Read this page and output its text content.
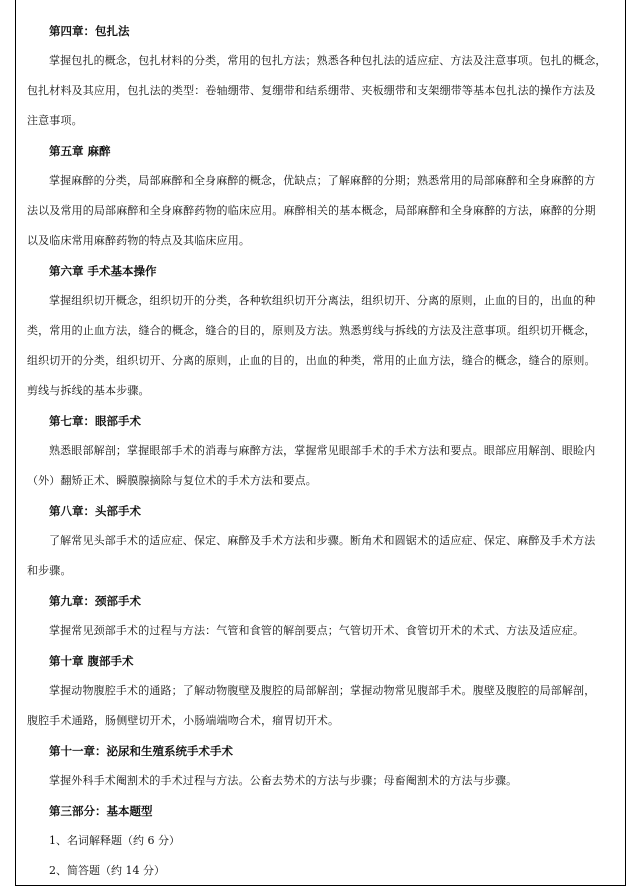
第四章：包扎法
掌握包扎的概念，包扎材料的分类，常用的包扎方法；熟悉各种包扎法的适应症、方法及注意事项。包扎的概念，
包扎材料及其应用，包扎法的类型：卷轴绷带、复绷带和结系绷带、夹板绷带和支架绷带等基本包扎法的操作方法及
注意事项。
第五章 麻醉
掌握麻醉的分类，局部麻醉和全身麻醉的概念，优缺点；了解麻醉的分期；熟悉常用的局部麻醉和全身麻醉的方
法以及常用的局部麻醉和全身麻醉药物的临床应用。麻醉相关的基本概念，局部麻醉和全身麻醉的方法，麻醉的分期
以及临床常用麻醉药物的特点及其临床应用。
第六章 手术基本操作
掌握组织切开概念，组织切开的分类，各种软组织切开分离法，组织切开、分离的原则，止血的目的，出血的种
类，常用的止血方法，缝合的概念，缝合的目的，原则及方法。熟悉剪线与拆线的方法及注意事项。组织切开概念，
组织切开的分类，组织切开、分离的原则，止血的目的，出血的种类，常用的止血方法，缝合的概念，缝合的原则。
剪线与拆线的基本步骤。
第七章：眼部手术
熟悉眼部解剖；掌握眼部手术的消毒与麻醉方法，掌握常见眼部手术的手术方法和要点。眼部应用解剖、眼睑内
（外）翻矫正术、瞬膜腺摘除与复位术的手术方法和要点。
第八章：头部手术
了解常见头部手术的适应症、保定、麻醉及手术方法和步骤。断角术和圆锯术的适应症、保定、麻醉及手术方法
和步骤。
第九章：颈部手术
掌握常见颈部手术的过程与方法：气管和食管的解剖要点；气管切开术、食管切开术的术式、方法及适应症。
第十章 腹部手术
掌握动物腹腔手术的通路；了解动物腹壁及腹腔的局部解剖；掌握动物常见腹部手术。腹壁及腹腔的局部解剖，
腹腔手术通路，肠侧壁切开术，小肠端端吻合术，瘤胃切开术。
第十一章：泌尿和生殖系统手术手术
掌握外科手术阉割术的手术过程与方法。公畜去势术的方法与步骤；母畜阉割术的方法与步骤。
第三部分：基本题型
1、名词解释题（约 6 分）
2、简答题（约 14 分）
